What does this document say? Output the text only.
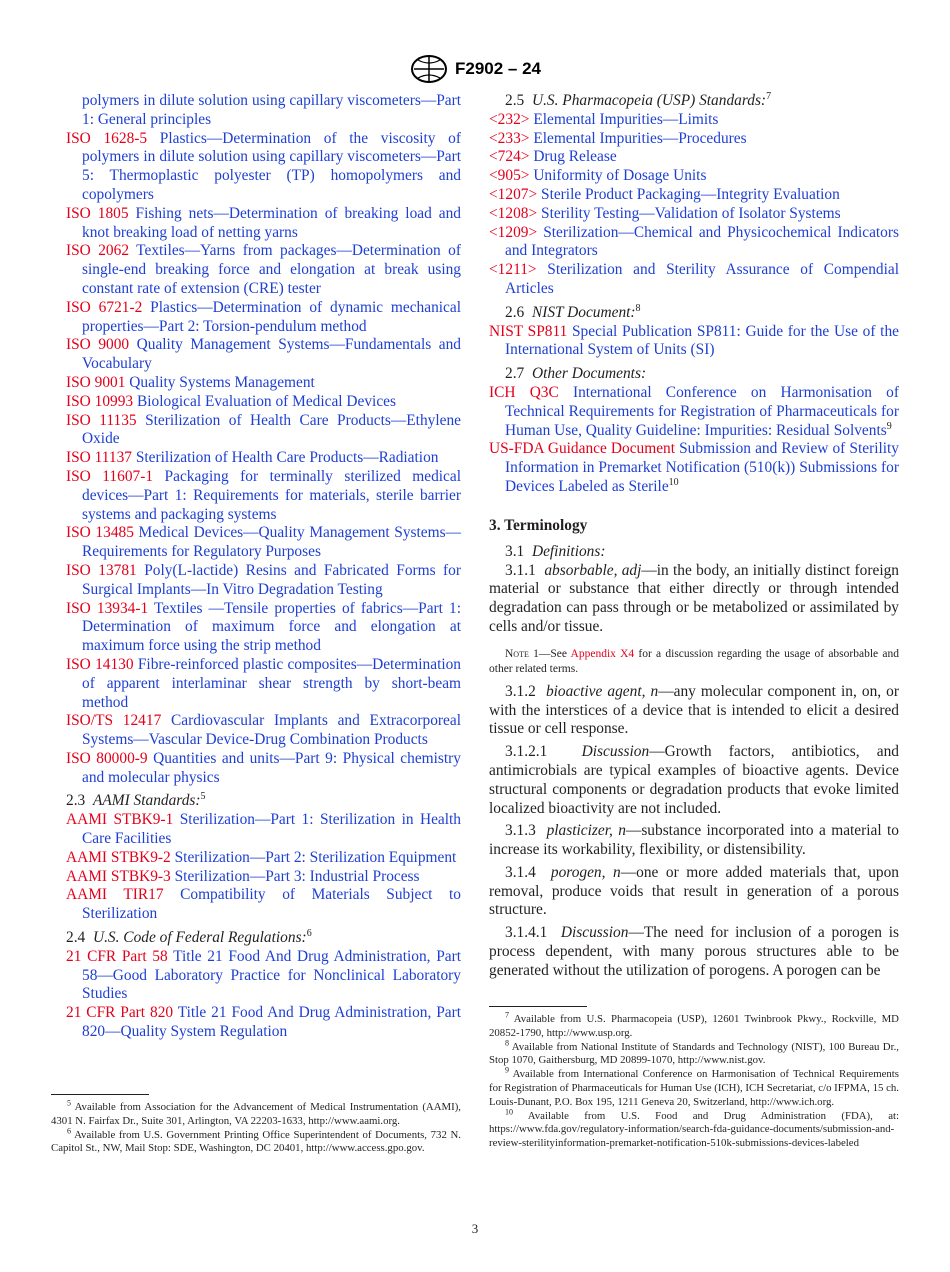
F2902 – 24

polymers in dilute solution using capillary viscometers—Part 1: General principles

ISO 1628-5 Plastics—Determination of the viscosity of polymers in dilute solution using capillary viscometers—Part 5: Thermoplastic polyester (TP) homopolymers and copolymers

ISO 1805 Fishing nets—Determination of breaking load and knot breaking load of netting yarns

ISO 2062 Textiles—Yarns from packages—Determination of single-end breaking force and elongation at break using constant rate of extension (CRE) tester

ISO 6721-2 Plastics—Determination of dynamic mechanical properties—Part 2: Torsion-pendulum method

ISO 9000 Quality Management Systems—Fundamentals and Vocabulary

ISO 9001 Quality Systems Management

ISO 10993 Biological Evaluation of Medical Devices

ISO 11135 Sterilization of Health Care Products—Ethylene Oxide

ISO 11137 Sterilization of Health Care Products—Radiation

ISO 11607-1 Packaging for terminally sterilized medical devices—Part 1: Requirements for materials, sterile barrier systems and packaging systems

ISO 13485 Medical Devices—Quality Management Systems—Requirements for Regulatory Purposes

ISO 13781 Poly(L-lactide) Resins and Fabricated Forms for Surgical Implants—In Vitro Degradation Testing

ISO 13934-1 Textiles —Tensile properties of fabrics—Part 1: Determination of maximum force and elongation at maximum force using the strip method

ISO 14130 Fibre-reinforced plastic composites—Determination of apparent interlaminar shear strength by short-beam method

ISO/TS 12417 Cardiovascular Implants and Extracorporeal Systems—Vascular Device-Drug Combination Products

ISO 80000-9 Quantities and units—Part 9: Physical chemistry and molecular physics

2.3 AAMI Standards:$^5$

AAMI STBK9-1 Sterilization—Part 1: Sterilization in Health Care Facilities

AAMI STBK9-2 Sterilization—Part 2: Sterilization Equipment

AAMI STBK9-3 Sterilization—Part 3: Industrial Process

AAMI TIR17 Compatibility of Materials Subject to Sterilization

2.4 U.S. Code of Federal Regulations:$^6$

21 CFR Part 58 Title 21 Food And Drug Administration, Part 58—Good Laboratory Practice for Nonclinical Laboratory Studies

21 CFR Part 820 Title 21 Food And Drug Administration, Part 820—Quality System Regulation

$^5$ Available from Association for the Advancement of Medical Instrumentation (AAMI), 4301 N. Fairfax Dr., Suite 301, Arlington, VA 22203-1633, http://www.aami.org.

$^6$ Available from U.S. Government Printing Office Superintendent of Documents, 732 N. Capitol St., NW, Mail Stop: SDE, Washington, DC 20401, http://www.access.gpo.gov.

2.5 U.S. Pharmacopeia (USP) Standards:$^7$

<232> Elemental Impurities—Limits

<233> Elemental Impurities—Procedures

<724> Drug Release

<905> Uniformity of Dosage Units

<1207> Sterile Product Packaging—Integrity Evaluation

<1208> Sterility Testing—Validation of Isolator Systems

<1209> Sterilization—Chemical and Physicochemical Indicators and Integrators

<1211> Sterilization and Sterility Assurance of Compendial Articles

2.6 NIST Document:$^8$

NIST SP811 Special Publication SP811: Guide for the Use of the International System of Units (SI)

2.7 Other Documents:

ICH Q3C International Conference on Harmonisation of Technical Requirements for Registration of Pharmaceuticals for Human Use, Quality Guideline: Impurities: Residual Solvents$^9$

US-FDA Guidance Document Submission and Review of Sterility Information in Premarket Notification (510(k)) Submissions for Devices Labeled as Sterile$^{10}$

3. Terminology

3.1 Definitions:

3.1.1 absorbable, adj—in the body, an initially distinct foreign material or substance that either directly or through intended degradation can pass through or be metabolized or assimilated by cells and/or tissue.

Note 1—See Appendix X4 for a discussion regarding the usage of absorbable and other related terms.

3.1.2 bioactive agent, n—any molecular component in, on, or with the interstices of a device that is intended to elicit a desired tissue or cell response.

3.1.2.1 Discussion—Growth factors, antibiotics, and antimicrobials are typical examples of bioactive agents. Device structural components or degradation products that evoke limited localized bioactivity are not included.

3.1.3 plasticizer, n—substance incorporated into a material to increase its workability, flexibility, or distensibility.

3.1.4 porogen, n—one or more added materials that, upon removal, produce voids that result in generation of a porous structure.

3.1.4.1 Discussion—The need for inclusion of a porogen is process dependent, with many porous structures able to be generated without the utilization of porogens. A porogen can be

$^7$ Available from U.S. Pharmacopeia (USP), 12601 Twinbrook Pkwy., Rockville, MD 20852-1790, http://www.usp.org.

$^8$ Available from National Institute of Standards and Technology (NIST), 100 Bureau Dr., Stop 1070, Gaithersburg, MD 20899-1070, http://www.nist.gov.

$^9$ Available from International Conference on Harmonisation of Technical Requirements for Registration of Pharmaceuticals for Human Use (ICH), ICH Secretariat, c/o IFPMA, 15 ch. Louis-Dunant, P.O. Box 195, 1211 Geneva 20, Switzerland, http://www.ich.org.

$^{10}$ Available from U.S. Food and Drug Administration (FDA), at: https://www.fda.gov/regulatory-information/search-fda-guidance-documents/submission-and-review-sterilityinformation-premarket-notification-510k-submissions-devices-labeled

3
